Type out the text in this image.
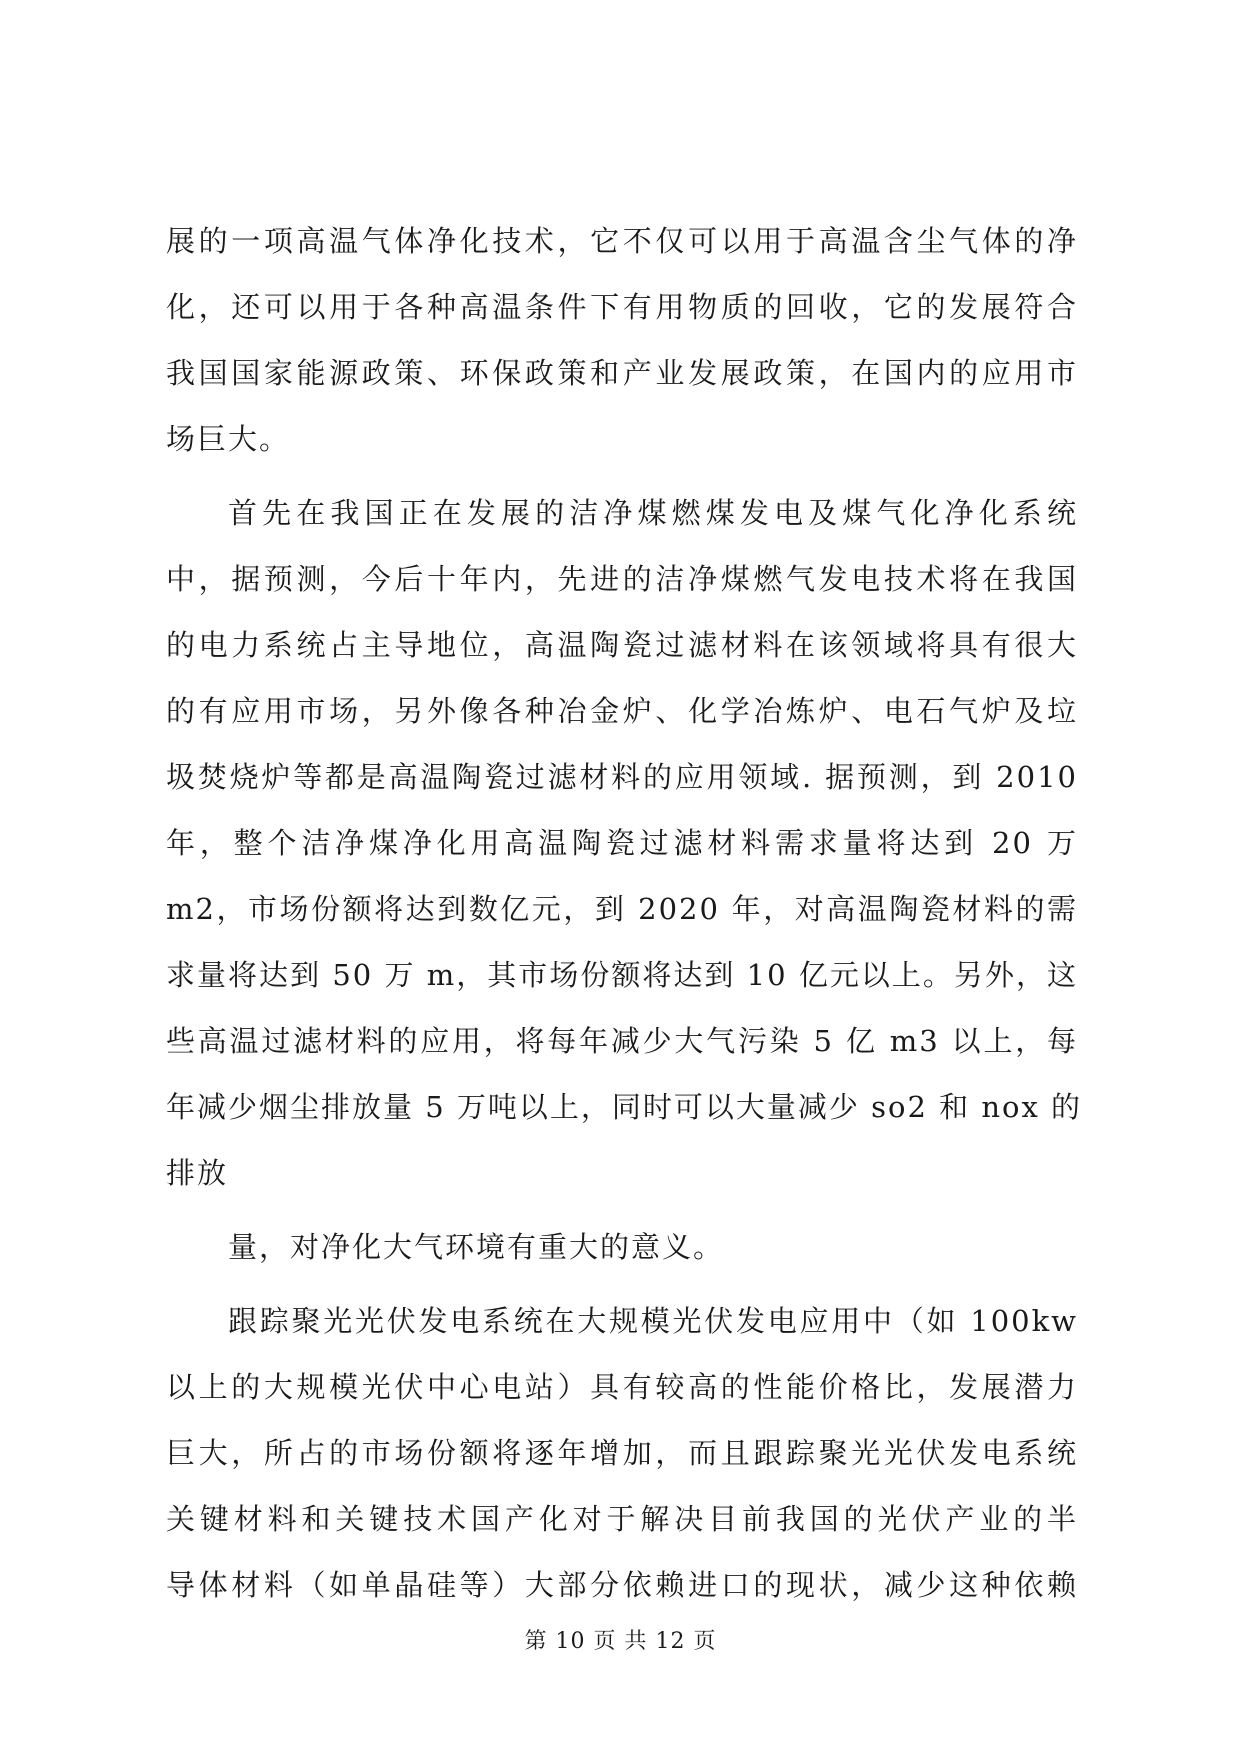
展的一项高温气体净化技术，它不仅可以用于高温含尘气体的净
化，还可以用于各种高温条件下有用物质的回收，它的发展符合
我国国家能源政策、环保政策和产业发展政策，在国内的应用市
场巨大。
首先在我国正在发展的洁净煤燃煤发电及煤气化净化系统
中，据预测，今后十年内，先进的洁净煤燃气发电技术将在我国
的电力系统占主导地位，高温陶瓷过滤材料在该领域将具有很大
的有应用市场，另外像各种冶金炉、化学冶炼炉、电石气炉及垃
圾焚烧炉等都是高温陶瓷过滤材料的应用领域. 据预测，到 2010
年，整个洁净煤净化用高温陶瓷过滤材料需求量将达到 20 万
m2，市场份额将达到数亿元，到 2020 年，对高温陶瓷材料的需
求量将达到 50 万 m，其市场份额将达到 10 亿元以上。另外，这
些高温过滤材料的应用，将每年减少大气污染 5 亿 m3 以上，每
年减少烟尘排放量 5 万吨以上，同时可以大量减少 so2 和 nox 的
排放
量，对净化大气环境有重大的意义。
跟踪聚光光伏发电系统在大规模光伏发电应用中（如 100kw
以上的大规模光伏中心电站）具有较高的性能价格比，发展潜力
巨大，所占的市场份额将逐年增加，而且跟踪聚光光伏发电系统
关键材料和关键技术国产化对于解决目前我国的光伏产业的半
导体材料（如单晶硅等）大部分依赖进口的现状，减少这种依赖
第 10 页 共 12 页
